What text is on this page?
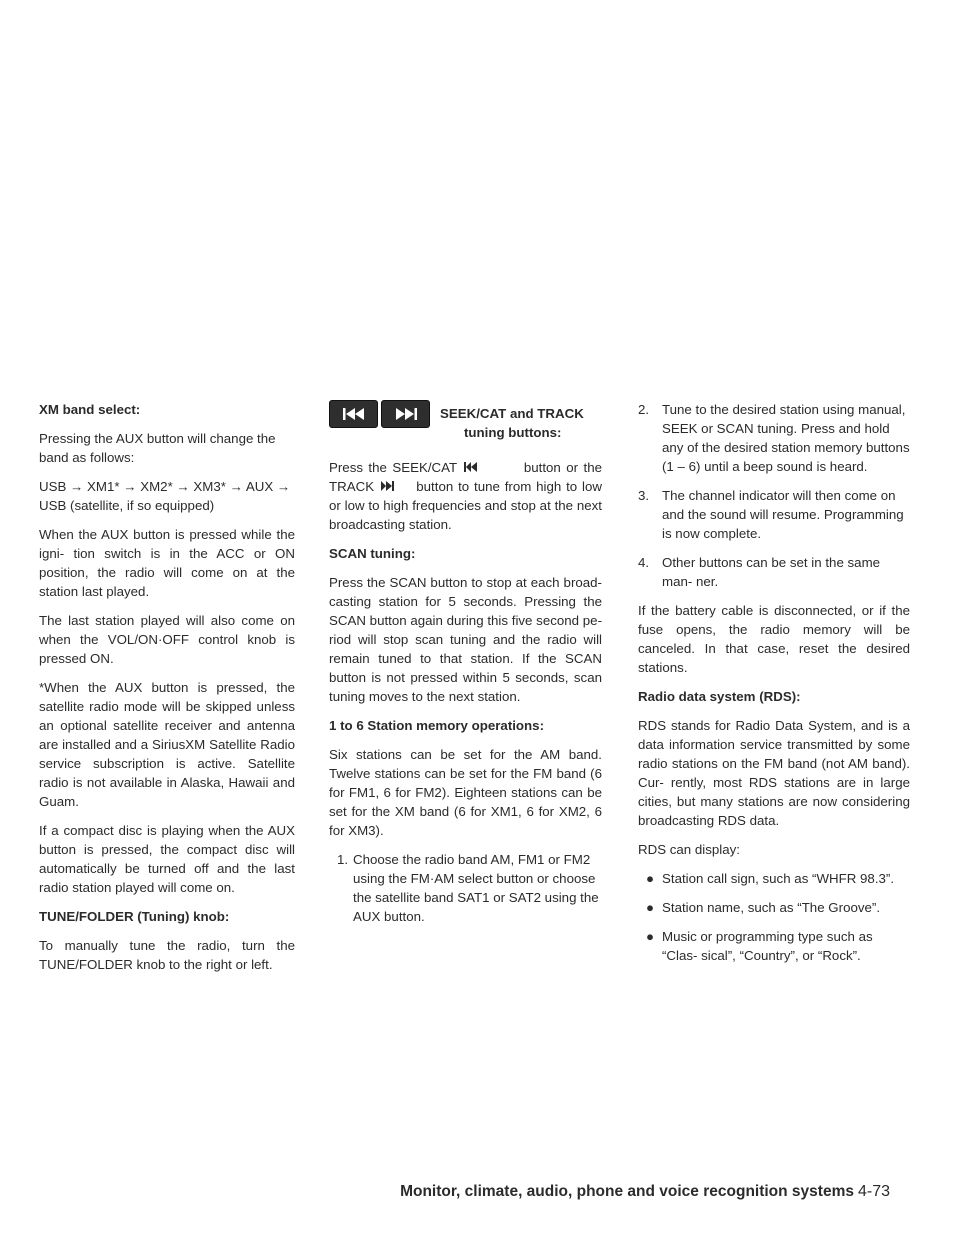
XM band select:

Pressing the AUX button will change the band as follows:

USB → XM1* → XM2* → XM3* → AUX → USB (satellite, if so equipped)

When the AUX button is pressed while the igni- tion switch is in the ACC or ON position, the radio will come on at the station last played.

The last station played will also come on when the VOL/ON·OFF control knob is pressed ON.

*When the AUX button is pressed, the satellite radio mode will be skipped unless an optional satellite receiver and antenna are installed and a SiriusXM Satellite Radio service subscription is active. Satellite radio is not available in Alaska, Hawaii and Guam.

If a compact disc is playing when the AUX button is pressed, the compact disc will automatically be turned off and the last radio station played will come on.

TUNE/FOLDER (Tuning) knob:

To manually tune the radio, turn the TUNE/FOLDER knob to the right or left.

SEEK/CAT and TRACK
tuning buttons:

Press the SEEK/CAT	button or the TRACK	button to tune from high to low or low to high frequencies and stop at the next broadcasting station.

SCAN tuning:

Press the SCAN button to stop at each broad- casting station for 5 seconds. Pressing the SCAN button again during this five second pe- riod will stop scan tuning and the radio will remain tuned to that station. If the SCAN button is not pressed within 5 seconds, scan tuning moves to the next station.

1 to 6 Station memory operations:

Six stations can be set for the AM band. Twelve stations can be set for the FM band (6 for FM1, 6 for FM2). Eighteen stations can be set for the XM band (6 for XM1, 6 for XM2, 6 for XM3).

1. Choose the radio band AM, FM1 or FM2 using the FM·AM select button or choose the satellite band SAT1 or SAT2 using the AUX button.
2. Tune to the desired station using manual, SEEK or SCAN tuning. Press and hold any of the desired station memory buttons (1 – 6) until a beep sound is heard.
3. The channel indicator will then come on and the sound will resume. Programming is now complete.
4. Other buttons can be set in the same man- ner.

If the battery cable is disconnected, or if the fuse opens, the radio memory will be canceled. In that case, reset the desired stations.

Radio data system (RDS):

RDS stands for Radio Data System, and is a data information service transmitted by some radio stations on the FM band (not AM band). Cur- rently, most RDS stations are in large cities, but many stations are now considering broadcasting RDS data.

RDS can display:

● Station call sign, such as “WHFR 98.3”.
● Station name, such as “The Groove”.
● Music or programming type such as “Clas- sical”, “Country”, or “Rock”.
Monitor, climate, audio, phone and voice recognition systems 4-73
